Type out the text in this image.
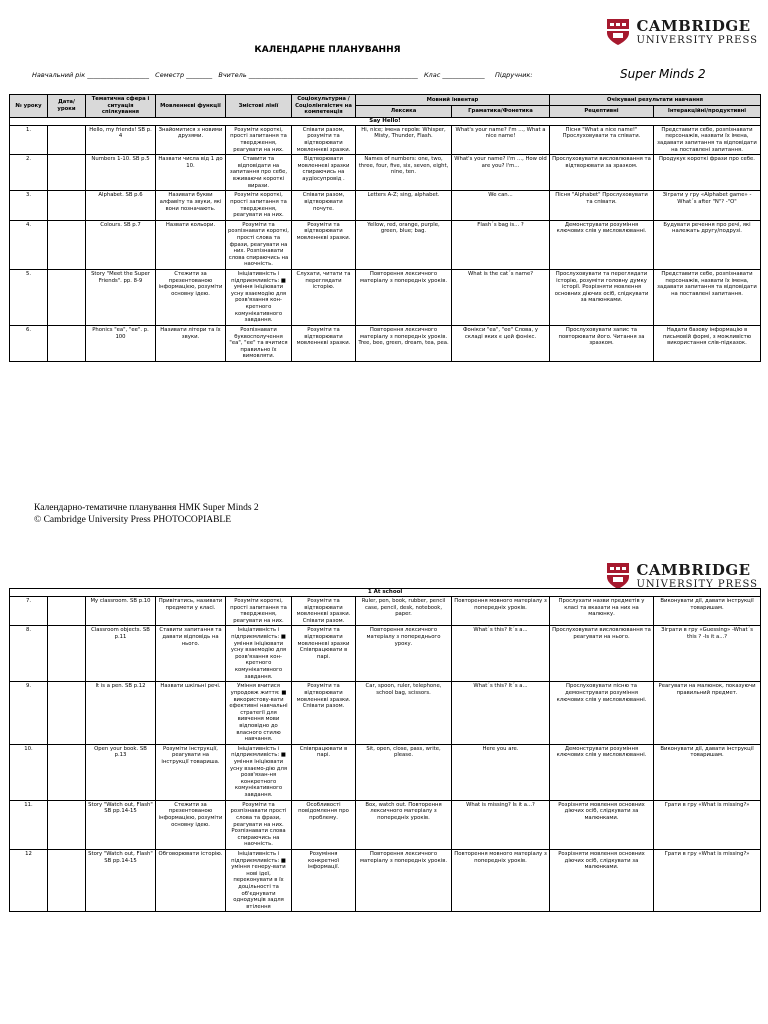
CAMBRIDGE
UNIVERSITY PRESS
КАЛЕНДАРНЕ ПЛАНУВАННЯ
Навчальний рік ___________________ Семестр ________ Вчитель ____________________________________________________ Клас _____________ Підручник:	Super Minds 2
№ уроку	Дата/ уроки	Тематична сфера і ситуація спілкування	Мовленнєві функції	Змістові лінії	Соціокультурна / Соціолінгвістич на компетенція	Мовний інвентар		Очікувані результати навчання	
						Лексика	Граматика/Фонетика	Рецептивні	Інтеракційні/продуктивні
Say Hello!									
1.		Hello, my friends! SB p. 4	Знайомитися з новими друзями.	Розуміти короткі, прості запитання та твердження, реагувати на них.	Співати разом, розуміти та відтворювати мовленнєві зразки.	Hi, nice; імена героїв: Whisper, Misty, Thunder, Flash.	What's your name? I'm ..., What a nice name!	Пісня "What a nice name!" Прослуховувати та співати.	Представити себе, розпізнавати персонажів, назвати їх імена, задавати запитання та відповідати на поставлені запитання.
2.		Numbers 1-10. SB p.5	Назвати числа від 1 до 10.	Ставити та відповідати на запитання про себе, вживаючи короткі вирази.	Відтворювати мовленнєві зразки спираючись на аудіосупровід .	Names of numbers: one, two, three, four, five, six, seven, eight, nine, ten.	What's your name? I'm ..., How old are you? I'm...	Прослуховувати висловлювання та відтворювати за зразком.	Продукує короткі фрази про себе.
3.		Alphabet. SB p.6	Називати букви алфавіту та звуки, які вони позначають.	Розуміти короткі, прості запитання та твердження, реагувати на них.	Співати разом, відтворювати почуте.	Letters A-Z; sing, alphabet.	We can...	Пісня "Alphabet" Прослуховувати та співати.	Зіграти у гру «Alphabet game» -What´s after "N"? -"O"
4.		Colours. SB p.7	Назвати кольори.	Розуміти та розпізнавати короткі, прості слова та фрази, реагувати на них. Розпізнавати слова спираючись на наочність.	Розуміти та відтворювати мовленнєві зразки.	Yellow, red, orange, purple, green, blue; bag.	Flash´s bag is... ?	Демонструвати розуміння ключових слів у висловлюванні.	Будувати речення про речі, які належать другу/подрузі.
5.		Story "Meet the Super Friends". pp. 8-9	Стежити за презентованою інформацією, розуміти основну ідею.	Ініціативність і підприємливість: ■ уміння ініціювати усну взаємодію для розв'язання кон-кретного комунікативного завдання.	Слухати, читати та переглядати історію.	Повторення лексичного матеріалу з попередніх уроків.	What is the cat´s name?	Прослуховувати та переглядати історію, розуміти головну думку історії. Розрізняти мовлення основних діючих осіб, слідкувати за малюнками.	Представити себе, розпізнавати персонажів, назвати їх імена, задавати запитання та відповідати на поставлені запитання.
6.		Phonics "ea", "ee". p. 100	Називати літери та їх звуки.	Розпізнавати буквосполучення "ea", "ee" та вчитися правильно їх вимовляти.	Розуміти та відтворювати мовленнєві зразки.	Повторення лексичного матеріалу з попередніх уроків. Tree, bee, green, dream, tea, pea.	Фонікси "ea", "ee" Слова, у складі яких є цей фонікс.	Прослуховувати запис та повторювати його. Читання за зразком.	Надати базову інформацію в письмовій формі, з можливістю використання слів-підказок.
Календарно-тематичне планування НМК Super Minds 2
© Cambridge University Press PHOTOCOPIABLE
CAMBRIDGE
UNIVERSITY PRESS
1 At school									
7.		My classroom. SB p.10	Привітатись, називати предмети у класі.	Розуміти короткі, прості запитання та твердження, реагувати на них.	Розуміти та відтворювати мовленнєві зразки. Співати разом.	Ruler, pen, book, rubber, pencil case, pencil, desk, notebook, paper.	Повторення мовного матеріалу з попередніх уроків.	Прослухати назви предметів у класі та вказати на них на малюнку.	Виконувати дії, давати інструкції товаришам.
8.		Classroom objects. SB p.11	Ставити запитання та давати відповідь на нього.	Ініціативність і підприємливість: ■ уміння ініціювати усну взаємодію для розв'язання кон-кретного комунікативного завдання.	Розуміти та відтворювати мовленнєві зразки Співпрацювати в парі.	Повторення лексичного матеріалу з попереднього уроку.	What´s this? It´s a...	Прослуховувати висловлювання та реагувати на нього.	Зіграти в гру «Guessing» -What´s this ? -Is it a...?
9.		It is a pen. SB p.12	Назвати шкільні речі.	Уміння вчитися упродовж життя: ■ використову-вати ефективні навчальні стратегії для вивчення мови відповідно до власного стилю навчання.	Розуміти та відтворювати мовленнєві зразки. Співати разом.	Car, spoon, ruler, telephone, school bag, scissors.	What´s this? It´s a...	Прослуховувати пісню та демонструвати розуміння ключових слів у висловлюванні.	Реагувати на малюнок, показуючи правильний предмет.
10.		Open your book. SB p.13	Розуміти інструкції, реагувати на інструкції товариша.	Ініціативність і підприємливість: ■ уміння ініціювати усну взаємо-дію для розв'язан-ня конкретного комунікативного завдання.	Співпрацювати в парі.	Sit, open, close, pass, write, please.	Here you are.	Демонструвати розуміння ключових слів у висловлюванні.	Виконувати дії, давати інструкції товаришам.
11.		Story "Watch out, Flash" SB pp.14-15	Стежити за презентованою інформацією, розуміти основну ідею.	Розуміти та розпізнавати прості слова та фрази, реагувати на них. Розпізнавати слова спираючись на наочність.	Особливості повідомлення про проблему.	Box, watch out. Повторення лексичного матеріалу з попередніх уроків.	What is missing? Is it a...?	Розрізняти мовлення основних діючих осіб, слідкувати за малюнками.	Грати в гру «What is missing?»
12		Story "Watch out, Flash" SB pp.14-15	Обговорювати історію.	Ініціативність і підприємливість: ■ уміння генеру-вати нові ідеї, переконувати в їх доцільності та об'єднувати однодумців задля втілення	Розуміння конкретної інформації.	Повторення лексичного матеріалу з попередніх уроків.	Повторення мовного матеріалу з попередніх уроків.	Розрізняти мовлення основних діючих осіб, слідкувати за малюнками.	Грати в гру «What is missing?»
